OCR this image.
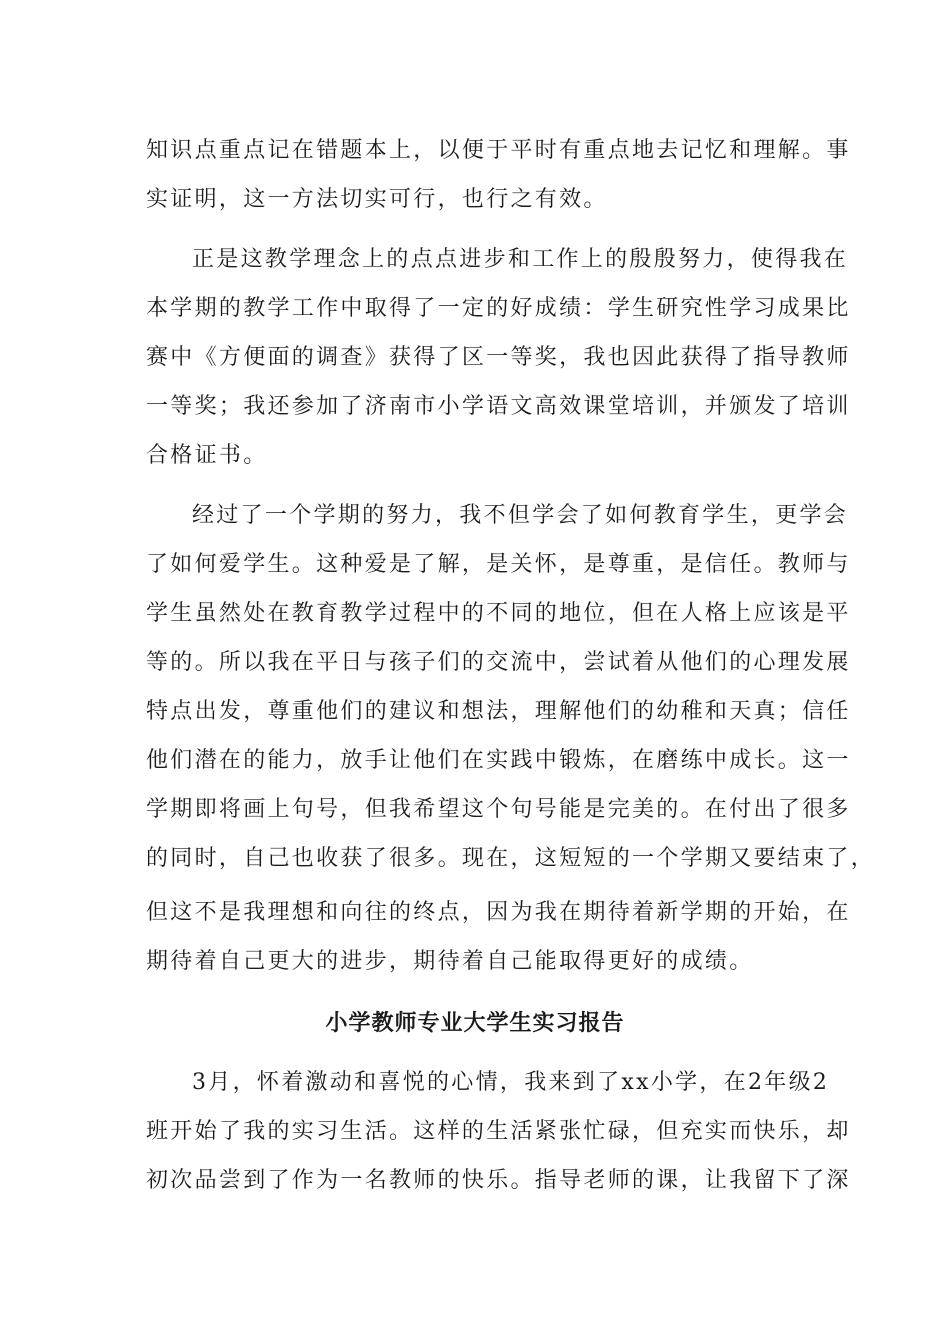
知识点重点记在错题本上，以便于平时有重点地去记忆和理解。事
实证明，这一方法切实可行，也行之有效。
正是这教学理念上的点点进步和工作上的殷殷努力，使得我在
本学期的教学工作中取得了一定的好成绩：学生研究性学习成果比
赛中《方便面的调查》获得了区一等奖，我也因此获得了指导教师
一等奖；我还参加了济南市小学语文高效课堂培训，并颁发了培训
合格证书。
经过了一个学期的努力，我不但学会了如何教育学生，更学会
了如何爱学生。这种爱是了解，是关怀，是尊重，是信任。教师与
学生虽然处在教育教学过程中的不同的地位，但在人格上应该是平
等的。所以我在平日与孩子们的交流中，尝试着从他们的心理发展
特点出发，尊重他们的建议和想法，理解他们的幼稚和天真；信任
他们潜在的能力，放手让他们在实践中锻炼，在磨练中成长。这一
学期即将画上句号，但我希望这个句号能是完美的。在付出了很多
的同时，自己也收获了很多。现在，这短短的一个学期又要结束了，
但这不是我理想和向往的终点，因为我在期待着新学期的开始，在
期待着自己更大的进步，期待着自己能取得更好的成绩。
小学教师专业大学生实习报告
3月，怀着激动和喜悦的心情，我来到了xx小学，在2年级2
班开始了我的实习生活。这样的生活紧张忙碌，但充实而快乐，却
初次品尝到了作为一名教师的快乐。指导老师的课，让我留下了深
